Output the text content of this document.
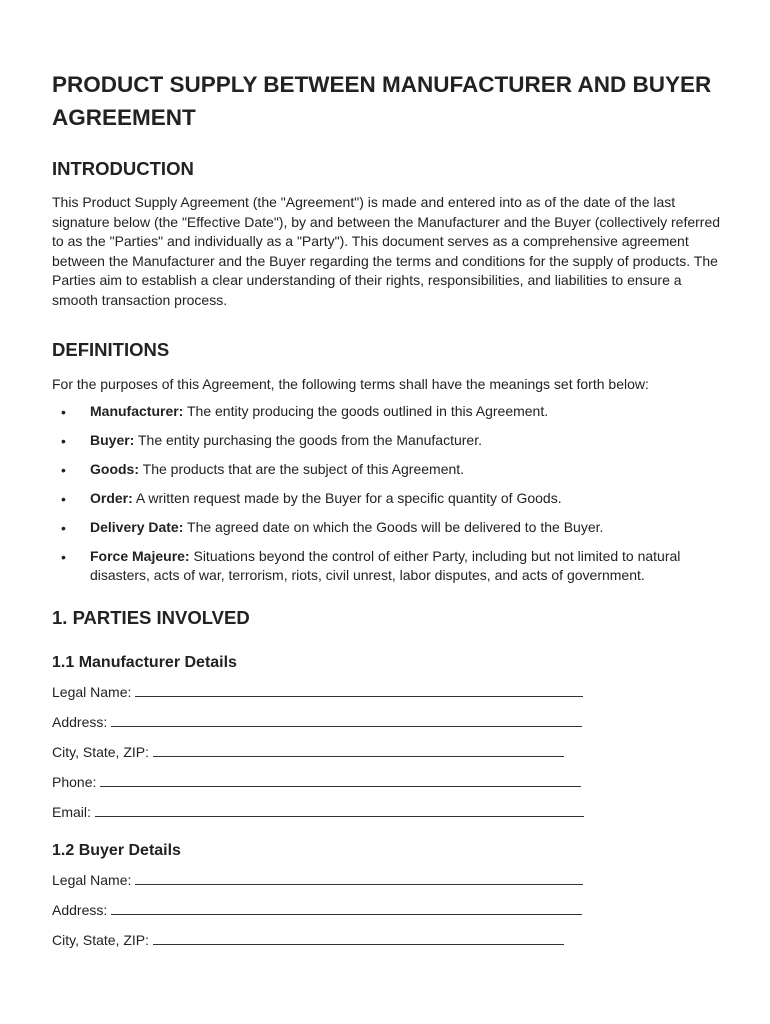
PRODUCT SUPPLY BETWEEN MANUFACTURER AND BUYER AGREEMENT
INTRODUCTION

This Product Supply Agreement (the "Agreement") is made and entered into as of the date of the last signature below (the "Effective Date"), by and between the Manufacturer and the Buyer (collectively referred to as the "Parties" and individually as a "Party"). This document serves as a comprehensive agreement between the Manufacturer and the Buyer regarding the terms and conditions for the supply of products. The Parties aim to establish a clear understanding of their rights, responsibilities, and liabilities to ensure a smooth transaction process.

DEFINITIONS

For the purposes of this Agreement, the following terms shall have the meanings set forth below:

• Manufacturer: The entity producing the goods outlined in this Agreement.
• Buyer: The entity purchasing the goods from the Manufacturer.
• Goods: The products that are the subject of this Agreement.
• Order: A written request made by the Buyer for a specific quantity of Goods.
• Delivery Date: The agreed date on which the Goods will be delivered to the Buyer.
• Force Majeure: Situations beyond the control of either Party, including but not limited to natural disasters, acts of war, terrorism, riots, civil unrest, labor disputes, and acts of government.
1. PARTIES INVOLVED
1.1 Manufacturer Details
Legal Name:
Address:
City, State, ZIP:
Phone:
Email:
1.2 Buyer Details
Legal Name:
Address:
City, State, ZIP:
